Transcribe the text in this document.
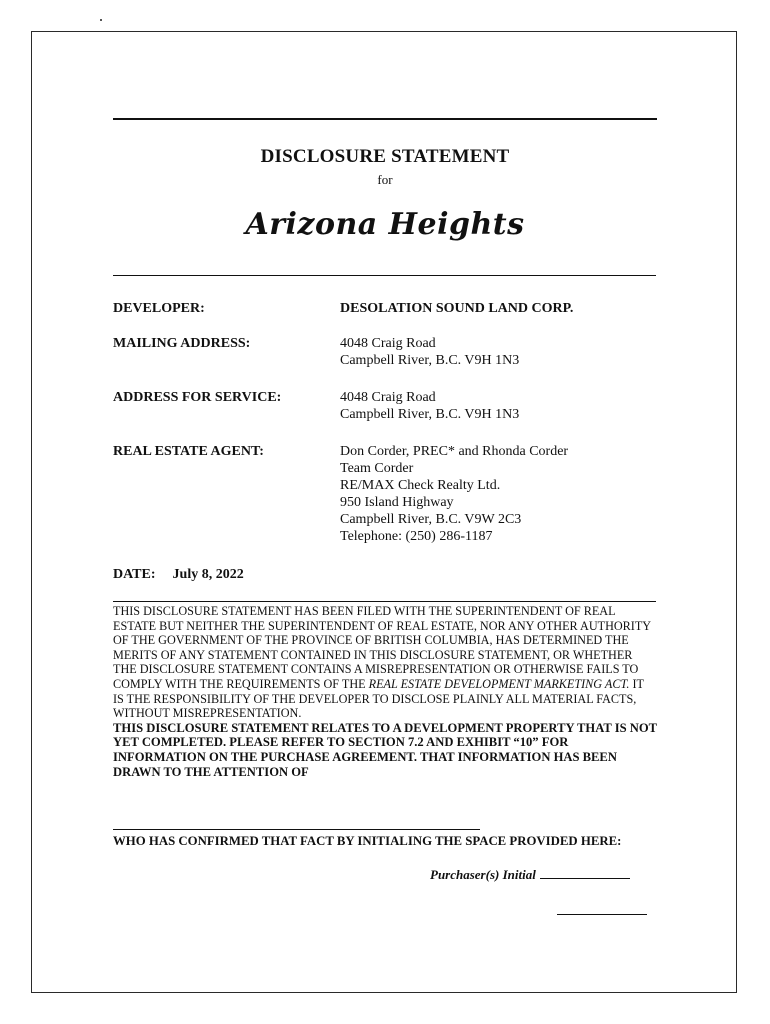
DISCLOSURE STATEMENT
for
Arizona Heights
DEVELOPER:	DESOLATION SOUND LAND CORP.
MAILING ADDRESS:	4048 Craig Road
Campbell River, B.C. V9H 1N3
ADDRESS FOR SERVICE:	4048 Craig Road
Campbell River, B.C. V9H 1N3
REAL ESTATE AGENT:	Don Corder, PREC* and Rhonda Corder
Team Corder
RE/MAX Check Realty Ltd.
950 Island Highway
Campbell River, B.C. V9W 2C3
Telephone: (250) 286-1187
DATE: July 8, 2022
THIS DISCLOSURE STATEMENT HAS BEEN FILED WITH THE SUPERINTENDENT OF REAL ESTATE BUT NEITHER THE SUPERINTENDENT OF REAL ESTATE, NOR ANY OTHER AUTHORITY OF THE GOVERNMENT OF THE PROVINCE OF BRITISH COLUMBIA, HAS DETERMINED THE MERITS OF ANY STATEMENT CONTAINED IN THIS DISCLOSURE STATEMENT, OR WHETHER THE DISCLOSURE STATEMENT CONTAINS A MISREPRESENTATION OR OTHERWISE FAILS TO COMPLY WITH THE REQUIREMENTS OF THE REAL ESTATE DEVELOPMENT MARKETING ACT. IT IS THE RESPONSIBILITY OF THE DEVELOPER TO DISCLOSE PLAINLY ALL MATERIAL FACTS, WITHOUT MISREPRESENTATION.
THIS DISCLOSURE STATEMENT RELATES TO A DEVELOPMENT PROPERTY THAT IS NOT YET COMPLETED. PLEASE REFER TO SECTION 7.2 AND EXHIBIT “10” FOR INFORMATION ON THE PURCHASE AGREEMENT. THAT INFORMATION HAS BEEN DRAWN TO THE ATTENTION OF
WHO HAS CONFIRMED THAT FACT BY INITIALING THE SPACE PROVIDED HERE:
Purchaser(s) Initial
